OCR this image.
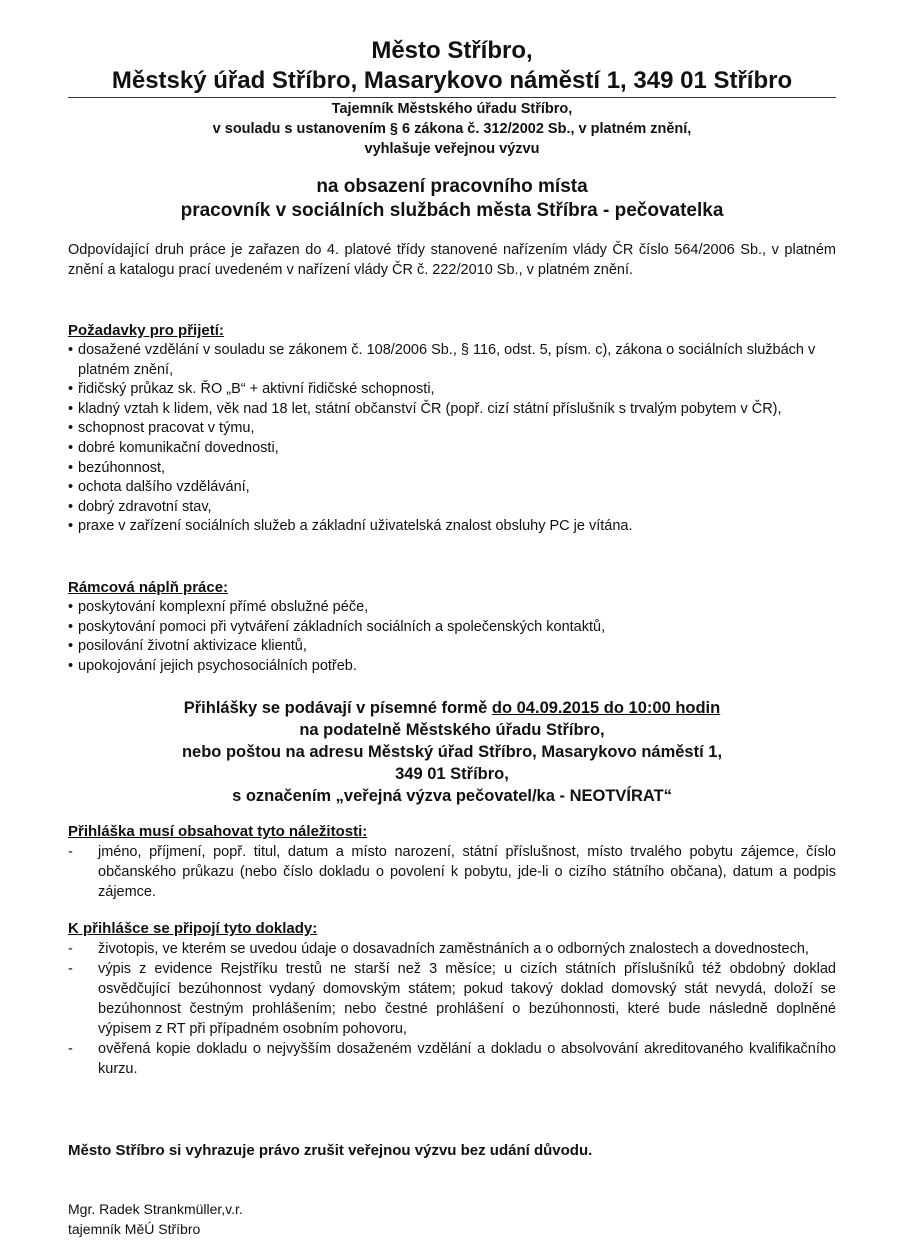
Město Stříbro,

Městský úřad Stříbro, Masarykovo náměstí 1, 349 01 Stříbro

Tajemník Městského úřadu Stříbro,
v souladu s ustanovením § 6 zákona č. 312/2002 Sb., v platném znění,
vyhlašuje veřejnou výzvu
na obsazení pracovního místa
pracovník v sociálních službách města Stříbra - pečovatelka
Odpovídající druh práce je zařazen do 4. platové třídy stanovené nařízením vlády ČR číslo 564/2006 Sb., v platném znění a katalogu prací uvedeném v nařízení vlády ČR č. 222/2010 Sb., v platném znění.
Požadavky pro přijetí:
• dosažené vzdělání v souladu se zákonem č. 108/2006 Sb., § 116, odst. 5, písm. c), zákona o sociálních službách v platném znění,
• řidičský průkaz sk. ŘO „B“ + aktivní řidičské schopnosti,
• kladný vztah k lidem, věk nad 18 let, státní občanství ČR (popř. cizí státní příslušník s trvalým pobytem v ČR),
• schopnost pracovat v týmu,
• dobré komunikační dovednosti,
• bezúhonnost,
• ochota dalšího vzdělávání,
• dobrý zdravotní stav,
• praxe v zařízení sociálních služeb a základní uživatelská znalost obsluhy PC je vítána.
Rámcová náplň práce:
• poskytování komplexní přímé obslužné péče,
• poskytování pomoci při vytváření základních sociálních a společenských kontaktů,
• posilování životní aktivizace klientů,
• upokojování jejich psychosociálních potřeb.
Přihlášky se podávají v písemné formě do 04.09.2015 do 10:00 hodin
na podatelně Městského úřadu Stříbro,
nebo poštou na adresu Městský úřad Stříbro, Masarykovo náměstí 1,
349 01 Stříbro,
s označením „veřejná výzva pečovatel/ka - NEOTVÍRAT“
Přihláška musí obsahovat tyto náležitosti:
- jméno, příjmení, popř. titul, datum a místo narození, státní příslušnost, místo trvalého pobytu zájemce, číslo občanského průkazu (nebo číslo dokladu o povolení k pobytu, jde-li o cizího státního občana), datum a podpis zájemce.
K přihlášce se připojí tyto doklady:
- životopis, ve kterém se uvedou údaje o dosavadních zaměstnáních a o odborných znalostech a dovednostech,
- výpis z evidence Rejstříku trestů ne starší než 3 měsíce; u cizích státních příslušníků též obdobný doklad osvědčující bezúhonnost vydaný domovským státem; pokud takový doklad domovský stát nevydá, doloží se bezúhonnost čestným prohlášením; nebo čestné prohlášení o bezúhonnosti, které bude následně doplněné výpisem z RT při případném osobním pohovoru,
- ověřená kopie dokladu o nejvyšším dosaženém vzdělání a dokladu o absolvování akreditovaného kvalifikačního kurzu.
Město Stříbro si vyhrazuje právo zrušit veřejnou výzvu bez udání důvodu.
Mgr. Radek Strankmüller,v.r.
tajemník MěÚ Stříbro
